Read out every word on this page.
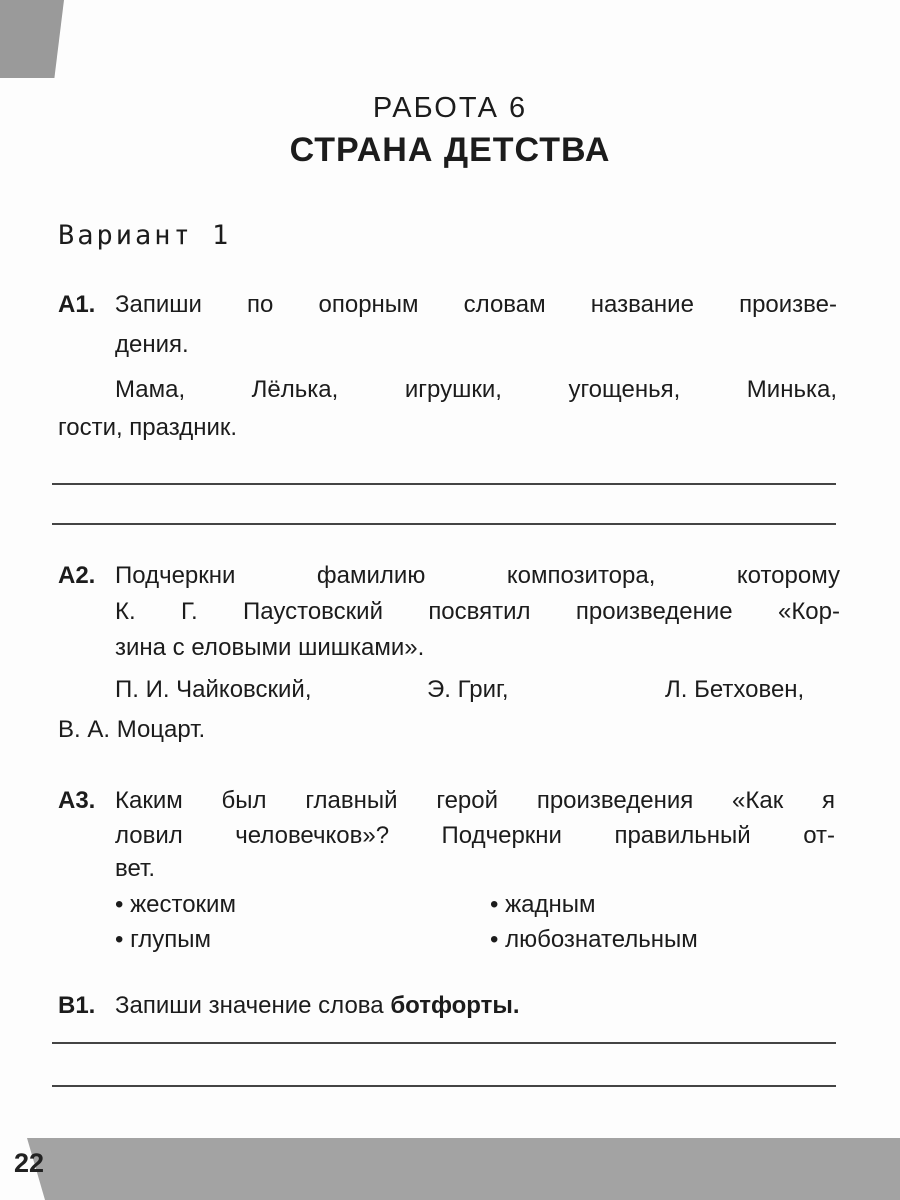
РАБОТА 6
СТРАНА ДЕТСТВА
Вариант 1
А1. Запиши по опорным словам название произве-
дения.
Мама, Лёлька, игрушки, угощенья, Минька,
гости, праздник.
А2. Подчеркни фамилию композитора, которому
К. Г. Паустовский посвятил произведение «Кор-
зина с еловыми шишками».
П. И. Чайковский,	Э. Григ,	Л. Бетховен,
В. А. Моцарт.
А3. Каким был главный герой произведения «Как я
ловил человечков»? Подчеркни правильный от-
вет.
• жестоким	• жадным
• глупым	• любознательным
В1. Запиши значение слова ботфорты.
22
